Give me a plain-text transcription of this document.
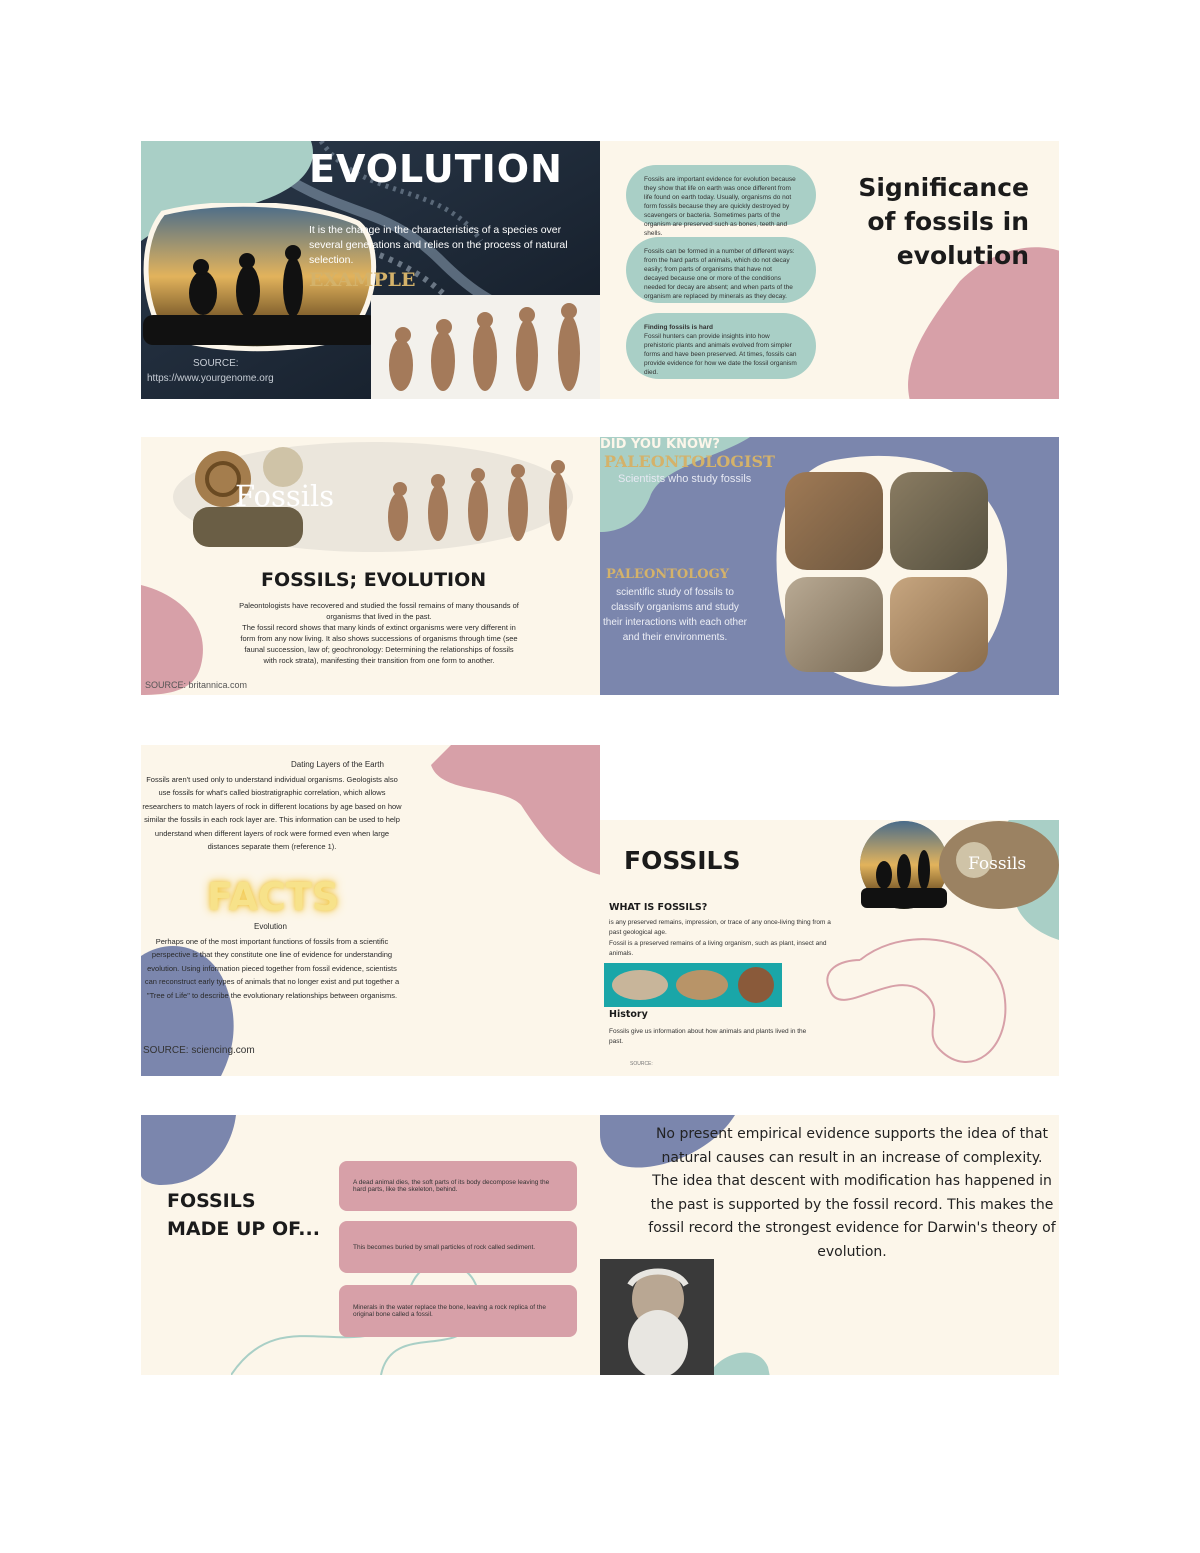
EVOLUTION
It is the change in the characteristics of a species over several generations and relies on the process of natural selection.
EXAMPLE
SOURCE:
https://www.yourgenome.org
Fossils are important evidence for evolution because they show that life on earth was once different from life found on earth today. Usually, organisms do not form fossils because they are quickly destroyed by scavengers or bacteria. Sometimes parts of the organism are preserved such as bones, teeth and shells.
Fossils can be formed in a number of different ways: from the hard parts of animals, which do not decay easily; from parts of organisms that have not decayed because one or more of the conditions needed for decay are absent; and when parts of the organism are replaced by minerals as they decay.
Finding fossils is hard
Fossil hunters can provide insights into how prehistoric plants and animals evolved from simpler forms and have been preserved. At times, fossils can provide evidence for how we date the fossil organism died.
Significance
of fossils in
evolution
Fossils
FOSSILS; EVOLUTION
Paleontologists have recovered and studied the fossil remains of many thousands of organisms that lived in the past.
The fossil record shows that many kinds of extinct organisms were very different in form from any now living. It also shows successions of organisms through time (see faunal succession, law of; geochronology: Determining the relationships of fossils with rock strata), manifesting their transition from one form to another.
SOURCE: britannica.com
DID YOU KNOW?
PALEONTOLOGIST
Scientists who study fossils
PALEONTOLOGY
scientific study of fossils to classify organisms and study their interactions with each other and their environments.
Dating Layers of the Earth
Fossils aren't used only to understand individual organisms. Geologists also use fossils for what's called biostratigraphic correlation, which allows researchers to match layers of rock in different locations by age based on how similar the fossils in each rock layer are. This information can be used to help understand when different layers of rock were formed even when large distances separate them (reference 1).
FACTS
Evolution
Perhaps one of the most important functions of fossils from a scientific perspective is that they constitute one line of evidence for understanding evolution. Using information pieced together from fossil evidence, scientists can reconstruct early types of animals that no longer exist and put together a "Tree of Life" to describe the evolutionary relationships between organisms.
SOURCE: sciencing.com
Fossils
FOSSILS
WHAT IS FOSSILS?
is any preserved remains, impression, or trace of any once-living thing from a past geological age.
Fossil is a preserved remains of a living organism, such as plant, insect and animals.
History
Fossils give us information about how animals and plants lived in the past.
SOURCE:
FOSSILS
MADE UP OF...
A dead animal dies, the soft parts of its body decompose leaving the hard parts, like the skeleton, behind.
This becomes buried by small particles of rock called sediment.
Minerals in the water replace the bone, leaving a rock replica of the original bone called a fossil.
No present empirical evidence supports the idea of that natural causes can result in an increase of complexity. The idea that descent with modification has happened in the past is supported by the fossil record. This makes the fossil record the strongest evidence for Darwin's theory of evolution.
